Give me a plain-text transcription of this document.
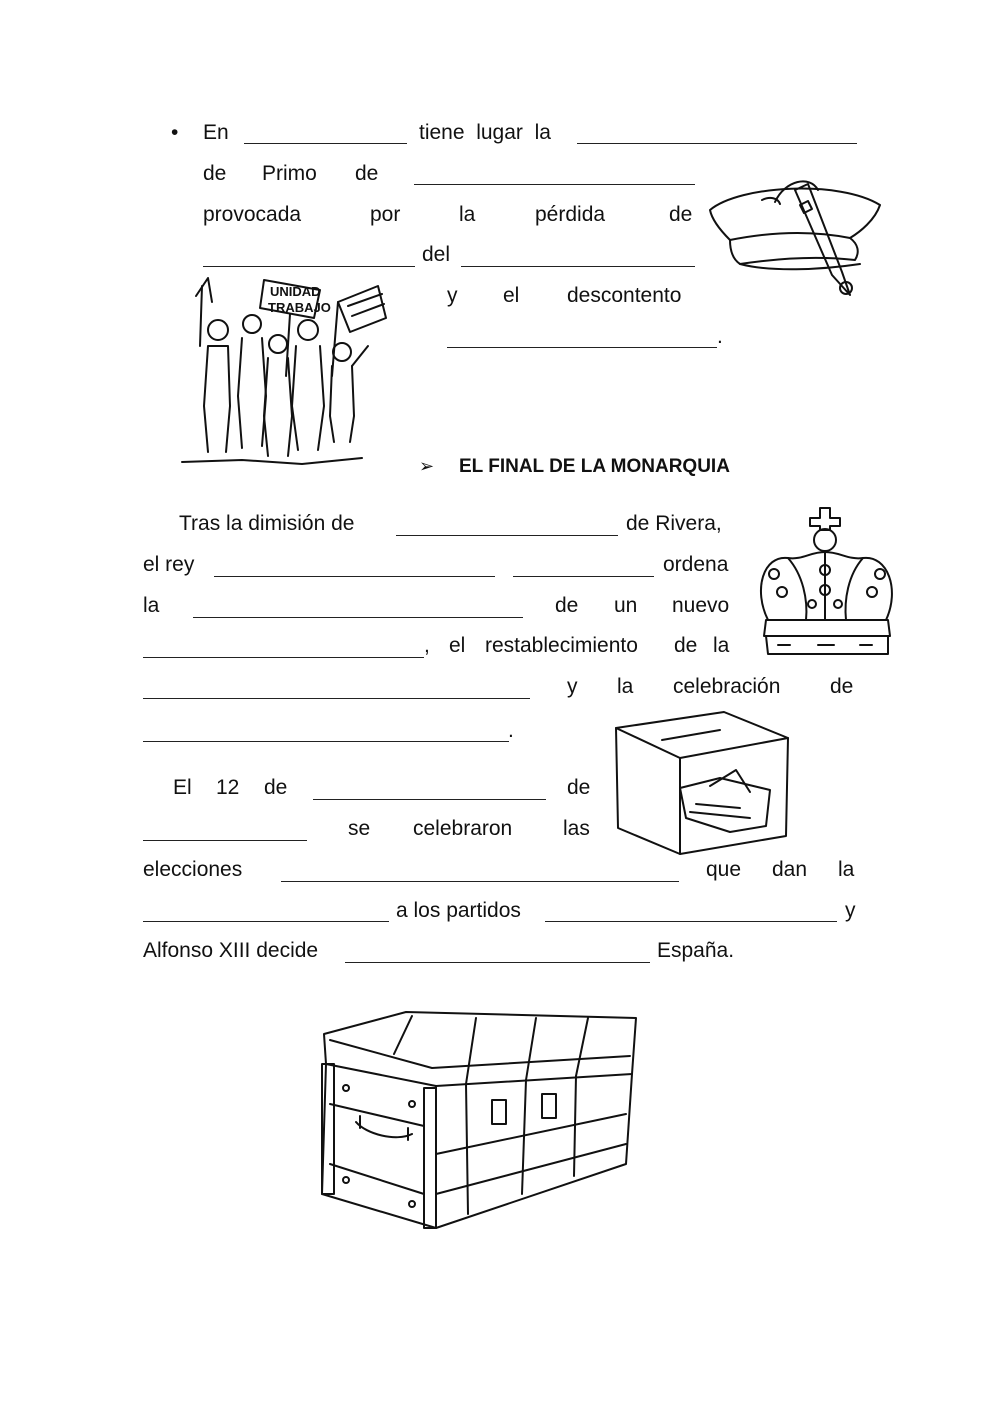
• En	tiene  lugar  la
de Primo de
provocada	por	la	pérdida	de
del
y el descontento
.
➢ EL FINAL DE LA MONARQUIA
Tras la dimisión de	de Rivera,
el rey	ordena
la	de un nuevo
, el restablecimiento de la
y la celebración de
.
El 12 de	de
se celebraron las
elecciones	que dan la
a los partidos	y
Alfonso XIII decide	España.
UNIDAD
TRABAJO
